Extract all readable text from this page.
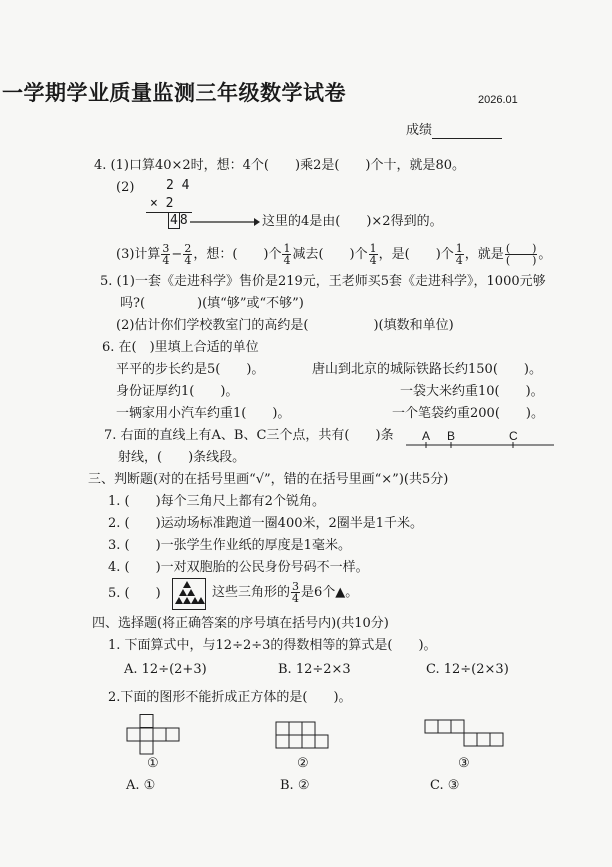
一学期学业质量监测三年级数学试卷	2026.01
成绩
4. (1)口算40×2时，想：4个(　　)乘2是(　　)个十，就是80。
(2) 2 4
× 2
4 8	这里的4是由(　　)×2得到的。
(3)计算 $\frac{3}{4} - \frac{2}{4}$ ，想：(　　)个 $\frac{1}{4}$ 减去(　　)个 $\frac{1}{4}$ ，是(　　)个 $\frac{1}{4}$ ，就是 $\frac{( )}{( )}$ 。
5. (1)一套《走进科学》售价是219元，王老师买5套《走进科学》，1000元够
吗?(　　　　)(填“够”或“不够”)
(2)估计你们学校教室门的高约是(　　　　　)(填数和单位)
6. 在(　)里填上合适的单位
平平的步长约是5(　　)。	唐山到北京的城际铁路长约150(　　)。
身份证厚约1(　　)。	一袋大米约重10(　　)。
一辆家用小汽车约重1(　　)。	一个笔袋约重200(　　)。
7. 右面的直线上有A、B、C三个点，共有(　　)条
射线，(　　)条线段。
A B	C
三、判断题(对的在括号里画“√”，错的在括号里画“×”)(共5分)
1. (　　)每个三角尺上都有2个锐角。
2. (　　)运动场标准跑道一圈400米，2圈半是1千米。
3. (　　)一张学生作业纸的厚度是1毫米。
4. (　　)一对双胞胎的公民身份号码不一样。
5. (　　)	这些三角形的 $\frac{3}{4}$ 是6个▲。
四、选择题(将正确答案的序号填在括号内)(共10分)
1. 下面算式中，与12÷2÷3的得数相等的算式是(　　)。
A. 12÷(2+3)	B. 12÷2×3	C. 12÷(2×3)
2.下面的图形不能折成正方体的是(　　)。
①	②	③
A. ①	B. ②	C. ③
